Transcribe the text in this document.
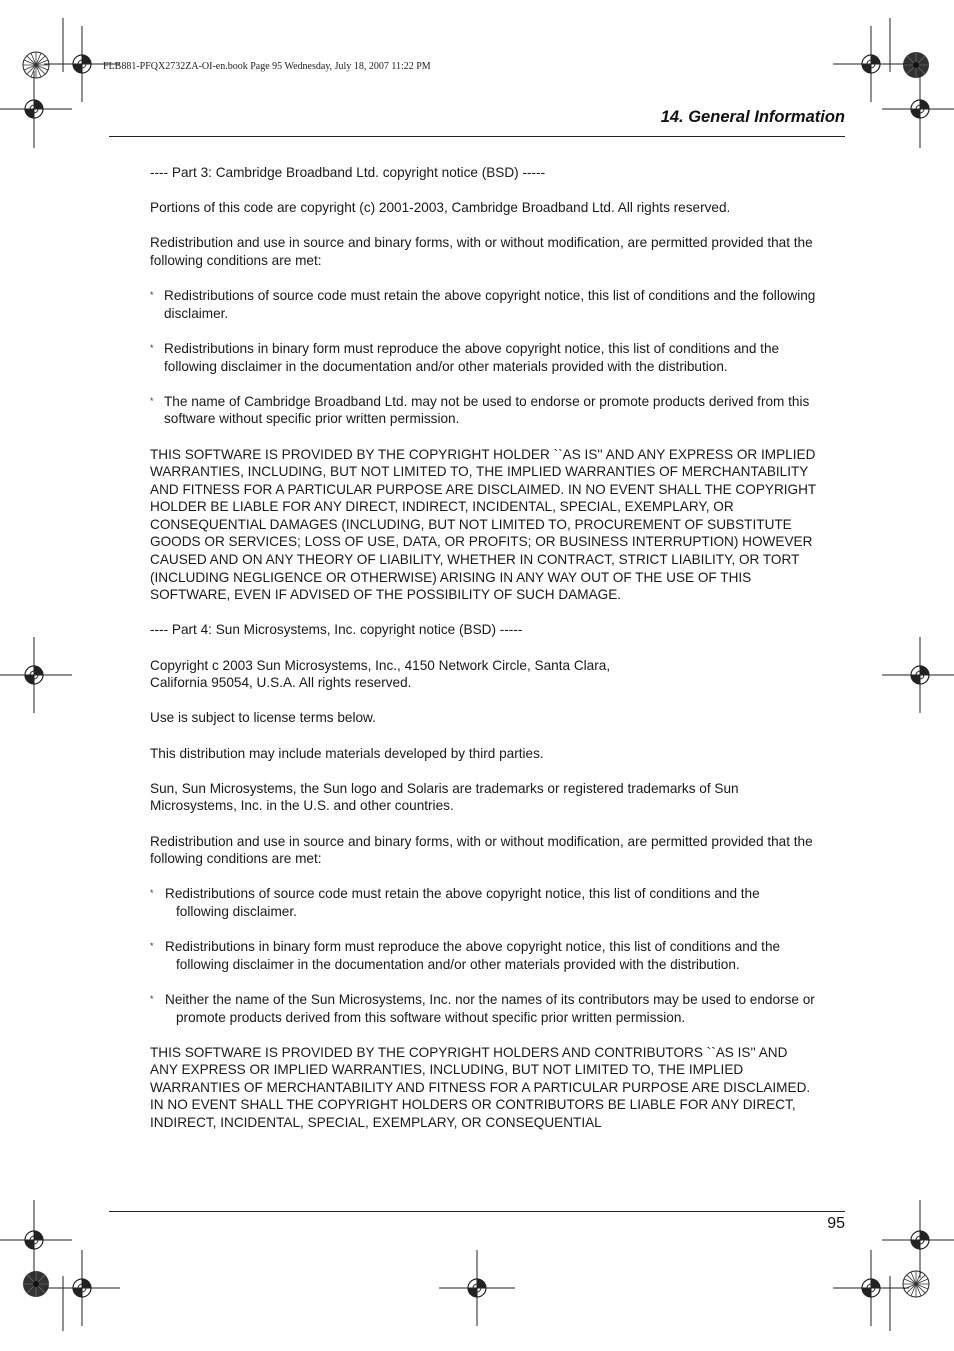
FLB881-PFQX2732ZA-OI-en.book Page 95 Wednesday, July 18, 2007 11:22 PM
14. General Information

---- Part 3: Cambridge Broadband Ltd. copyright notice (BSD) -----

Portions of this code are copyright (c) 2001-2003, Cambridge Broadband Ltd. All rights reserved.

Redistribution and use in source and binary forms, with or without modification, are permitted provided that the following conditions are met:

* Redistributions of source code must retain the above copyright notice, this list of conditions and the following disclaimer.
* Redistributions in binary form must reproduce the above copyright notice, this list of conditions and the following disclaimer in the documentation and/or other materials provided with the distribution.
* The name of Cambridge Broadband Ltd. may not be used to endorse or promote products derived from this software without specific prior written permission.

THIS SOFTWARE IS PROVIDED BY THE COPYRIGHT HOLDER ``AS IS'' AND ANY EXPRESS OR IMPLIED WARRANTIES, INCLUDING, BUT NOT LIMITED TO, THE IMPLIED WARRANTIES OF MERCHANTABILITY AND FITNESS FOR A PARTICULAR PURPOSE ARE DISCLAIMED. IN NO EVENT SHALL THE COPYRIGHT HOLDER BE LIABLE FOR ANY DIRECT, INDIRECT, INCIDENTAL, SPECIAL, EXEMPLARY, OR CONSEQUENTIAL DAMAGES (INCLUDING, BUT NOT LIMITED TO, PROCUREMENT OF SUBSTITUTE GOODS OR SERVICES; LOSS OF USE, DATA, OR PROFITS; OR BUSINESS INTERRUPTION) HOWEVER CAUSED AND ON ANY THEORY OF LIABILITY, WHETHER IN CONTRACT, STRICT LIABILITY, OR TORT (INCLUDING NEGLIGENCE OR OTHERWISE) ARISING IN ANY WAY OUT OF THE USE OF THIS SOFTWARE, EVEN IF ADVISED OF THE POSSIBILITY OF SUCH DAMAGE.

---- Part 4: Sun Microsystems, Inc. copyright notice (BSD) -----

Copyright c 2003 Sun Microsystems, Inc., 4150 Network Circle, Santa Clara,
California 95054, U.S.A. All rights reserved.

Use is subject to license terms below.

This distribution may include materials developed by third parties.

Sun, Sun Microsystems, the Sun logo and Solaris are trademarks or registered trademarks of Sun Microsystems, Inc. in the U.S. and other countries.

Redistribution and use in source and binary forms, with or without modification, are permitted provided that the following conditions are met:

* Redistributions of source code must retain the above copyright notice, this list of conditions and the following disclaimer.
* Redistributions in binary form must reproduce the above copyright notice, this list of conditions and the following disclaimer in the documentation and/or other materials provided with the distribution.
* Neither the name of the Sun Microsystems, Inc. nor the names of its contributors may be used to endorse or promote products derived from this software without specific prior written permission.

THIS SOFTWARE IS PROVIDED BY THE COPYRIGHT HOLDERS AND CONTRIBUTORS ``AS IS'' AND ANY EXPRESS OR IMPLIED WARRANTIES, INCLUDING, BUT NOT LIMITED TO, THE IMPLIED WARRANTIES OF MERCHANTABILITY AND FITNESS FOR A PARTICULAR PURPOSE ARE DISCLAIMED. IN NO EVENT SHALL THE COPYRIGHT HOLDERS OR CONTRIBUTORS BE LIABLE FOR ANY DIRECT, INDIRECT, INCIDENTAL, SPECIAL, EXEMPLARY, OR CONSEQUENTIAL

95
